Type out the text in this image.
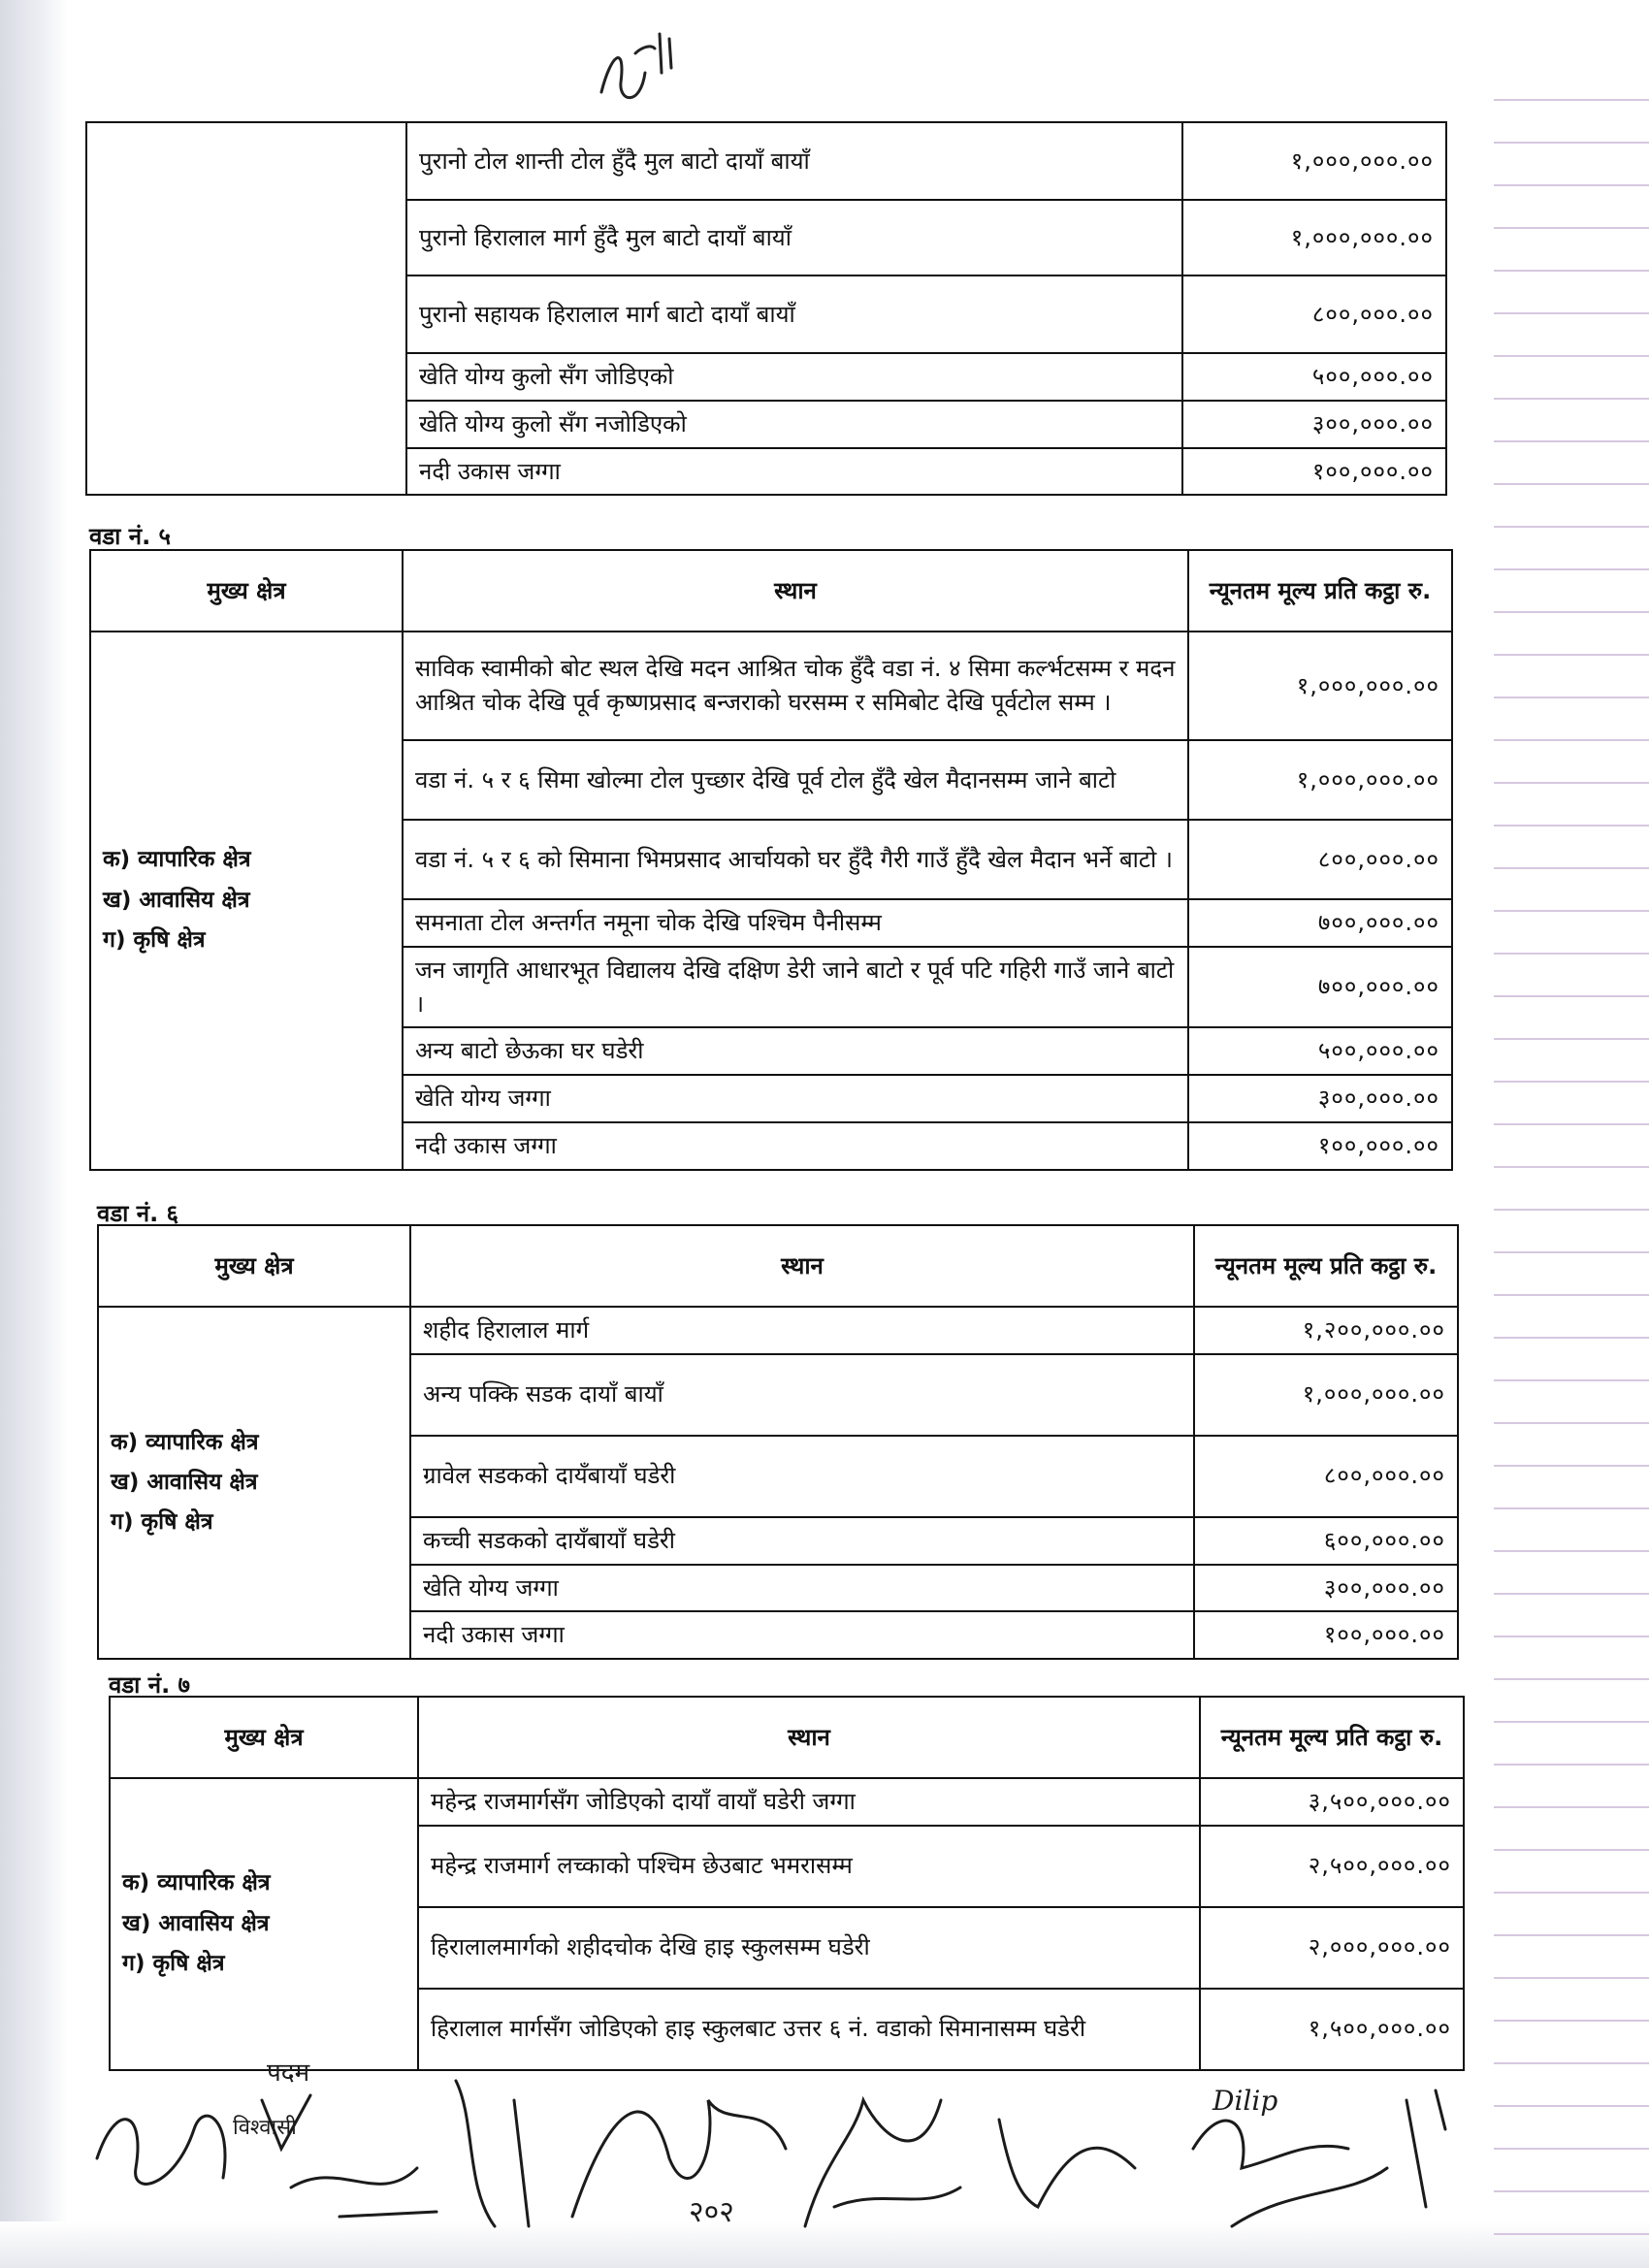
भरे।
	पुरानो टोल शान्ती टोल हुँदै मुल बाटो दायाँ बायाँ	१,०००,०००.००
	पुरानो हिरालाल मार्ग हुँदै मुल बाटो दायाँ बायाँ	१,०००,०००.००
	पुरानो सहायक हिरालाल मार्ग बाटो दायाँ बायाँ	८००,०००.००
	खेति योग्य कुलो सँग जोडिएको	५००,०००.००
	खेति योग्य कुलो सँग नजोडिएको	३००,०००.००
	नदी उकास जग्गा	१००,०००.००
वडा नं. ५
मुख्य क्षेत्र	स्थान	न्यूनतम मूल्य प्रति कट्ठा रु.

क) व्यापारिक क्षेत्र
ख) आवासिय क्षेत्र
ग) कृषि क्षेत्र	साविक स्वामीको बोट स्थल देखि मदन आश्रित चोक हुँदै वडा नं. ४ सिमा कर्ल्भटसम्म र मदन आश्रित चोक देखि पूर्व कृष्णप्रसाद बन्जराको घरसम्म र समिबोट देखि पूर्वटोल सम्म ।	१,०००,०००.००
	वडा नं. ५ र ६ सिमा खोल्मा टोल पुच्छार देखि पूर्व टोल हुँदै खेल मैदानसम्म जाने बाटो	१,०००,०००.००
	वडा नं. ५ र ६ को सिमाना भिमप्रसाद आर्चायको घर हुँदै गैरी गाउँ हुँदै खेल मैदान भर्ने बाटो ।	८००,०००.००
	समनाता टोल अन्तर्गत नमूना चोक देखि पश्चिम पैनीसम्म	७००,०००.००
	जन जागृति आधारभूत विद्यालय देखि दक्षिण डेरी जाने बाटो र पूर्व पटि गहिरी गाउँ जाने बाटो ।	७००,०००.००
	अन्य बाटो छेऊका घर घडेरी	५००,०००.००
	खेति योग्य जग्गा	३००,०००.००
	नदी उकास जग्गा	१००,०००.००
वडा नं. ६
मुख्य क्षेत्र	स्थान	न्यूनतम मूल्य प्रति कट्ठा रु.

क) व्यापारिक क्षेत्र
ख) आवासिय क्षेत्र
ग) कृषि क्षेत्र	शहीद हिरालाल मार्ग	१,२००,०००.००
	अन्य पक्कि सडक दायाँ बायाँ	१,०००,०००.००
	ग्रावेल सडकको दायँबायाँ घडेरी	८००,०००.००
	कच्ची सडकको दायँबायाँ घडेरी	६००,०००.००
	खेति योग्य जग्गा	३००,०००.००
	नदी उकास जग्गा	१००,०००.००
वडा नं. ७
मुख्य क्षेत्र	स्थान	न्यूनतम मूल्य प्रति कट्ठा रु.

क) व्यापारिक क्षेत्र
ख) आवासिय क्षेत्र
ग) कृषि क्षेत्र	महेन्द्र राजमार्गसँग जोडिएको दायाँ वायाँ घडेरी जग्गा	३,५००,०००.००
	महेन्द्र राजमार्ग लच्काको पश्चिम छेउबाट भमरासम्म	२,५००,०००.००
	हिरालालमार्गको शहीदचोक देखि हाइ स्कुलसम्म घडेरी	२,०००,०००.००
	हिरालाल मार्गसँग जोडिएको हाइ स्कुलबाट उत्तर ६ नं. वडाको सिमानासम्म घडेरी	१,५००,०००.००
पदम
विश्वासी
२०२
Dilip
